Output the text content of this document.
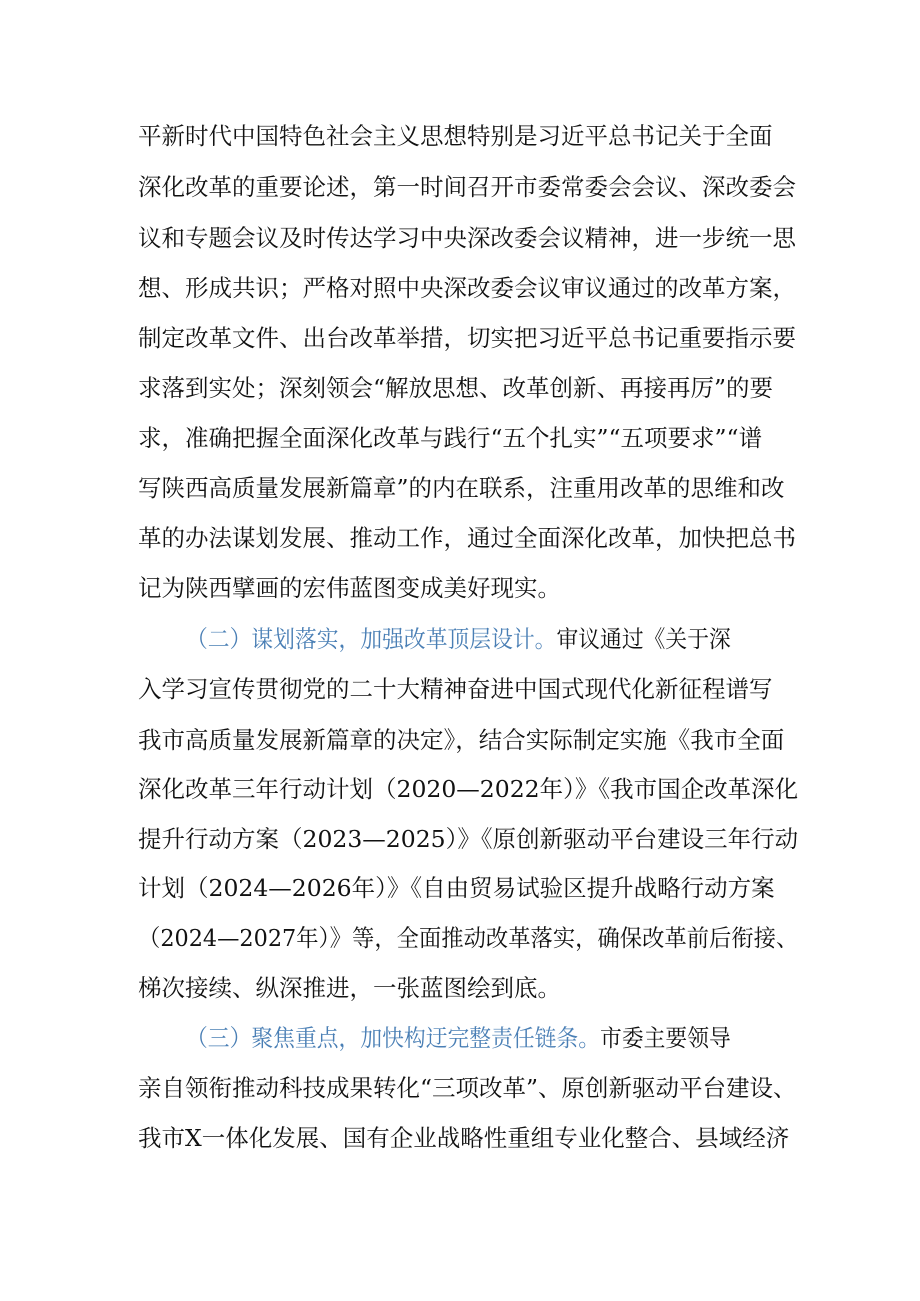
平新时代中国特色社会主义思想特别是习近平总书记关于全面
深化改革的重要论述，第一时间召开市委常委会会议、深改委会
议和专题会议及时传达学习中央深改委会议精神，进一步统一思
想、形成共识；严格对照中央深改委会议审议通过的改革方案，
制定改革文件、出台改革举措，切实把习近平总书记重要指示要
求落到实处；深刻领会“解放思想、改革创新、再接再厉”的要
求，准确把握全面深化改革与践行“五个扎实”“五项要求”“谱
写陕西高质量发展新篇章”的内在联系，注重用改革的思维和改
革的办法谋划发展、推动工作，通过全面深化改革，加快把总书
记为陕西擘画的宏伟蓝图变成美好现实。
（二）谋划落实，加强改革顶层设计。审议通过《关于深
入学习宣传贯彻党的二十大精神奋进中国式现代化新征程谱写
我市高质量发展新篇章的决定》，结合实际制定实施《我市全面
深化改革三年行动计划（2020—2022年）》《我市国企改革深化
提升行动方案（2023—2025）》《原创新驱动平台建设三年行动
计划（2024—2026年）》《自由贸易试验区提升战略行动方案
（2024—2027年）》等，全面推动改革落实，确保改革前后衔接、
梯次接续、纵深推进，一张蓝图绘到底。
（三）聚焦重点，加快构迂完整责任链条。市委主要领导
亲自领衔推动科技成果转化“三项改革”、原创新驱动平台建设、
我市X一体化发展、国有企业战略性重组专业化整合、县域经济
